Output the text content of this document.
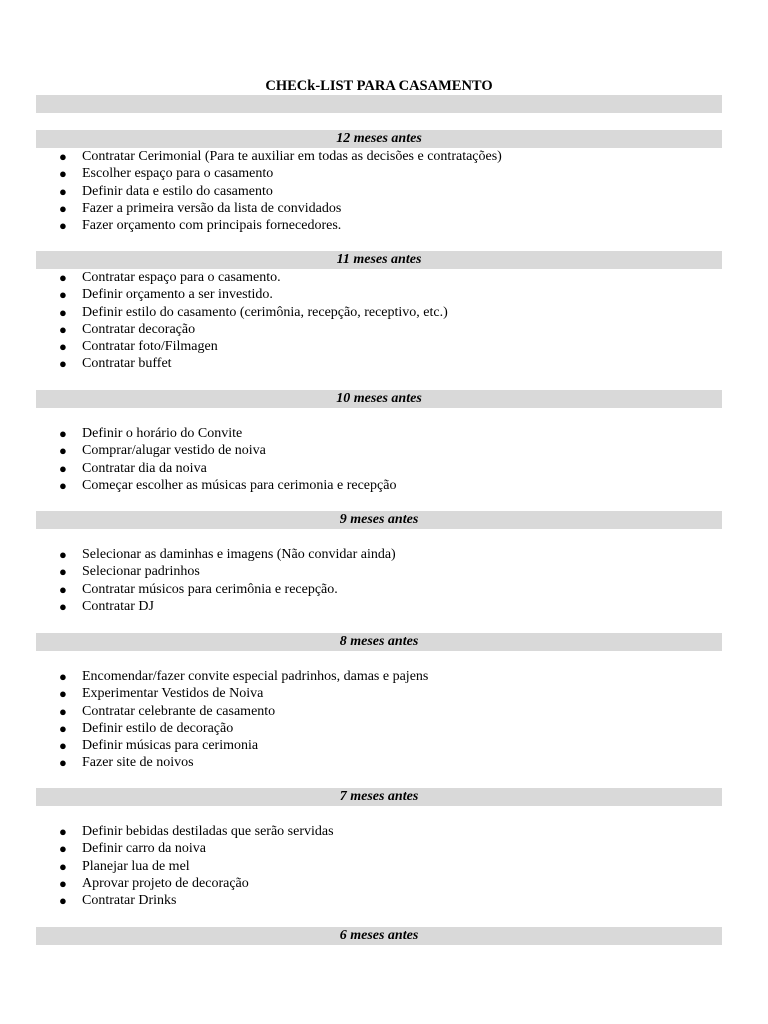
CHECk-LIST PARA CASAMENTO
12 meses antes
● Contratar Cerimonial (Para te auxiliar em todas as decisões e contratações)
● Escolher espaço para o casamento
● Definir data e estilo do casamento
● Fazer a primeira versão da lista de convidados
● Fazer orçamento com principais fornecedores.
11 meses antes
● Contratar espaço para o casamento.
● Definir orçamento a ser investido.
● Definir estilo do casamento (cerimônia, recepção, receptivo, etc.)
● Contratar decoração
● Contratar foto/Filmagen
● Contratar buffet
10 meses antes
● Definir o horário do Convite
● Comprar/alugar vestido de noiva
● Contratar dia da noiva
● Começar escolher as músicas para cerimonia e recepção
9 meses antes
● Selecionar as daminhas e imagens (Não convidar ainda)
● Selecionar padrinhos
● Contratar músicos para cerimônia e recepção.
● Contratar DJ
8 meses antes
● Encomendar/fazer convite especial padrinhos, damas e pajens
● Experimentar Vestidos de Noiva
● Contratar celebrante de casamento
● Definir estilo de decoração
● Definir músicas para cerimonia
● Fazer site de noivos
7 meses antes
● Definir bebidas destiladas que serão servidas
● Definir carro da noiva
● Planejar lua de mel
● Aprovar projeto de decoração
● Contratar Drinks
6 meses antes
